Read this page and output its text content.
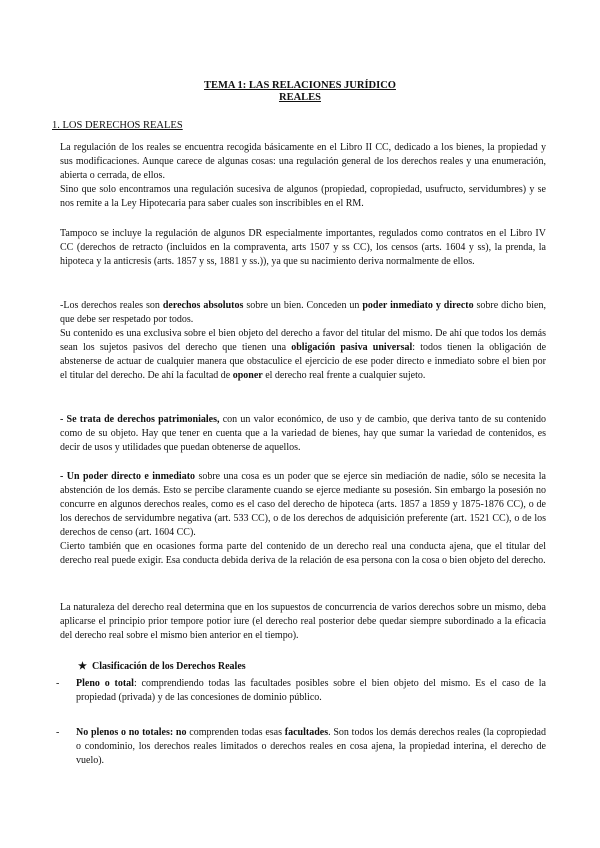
TEMA 1: LAS RELACIONES JURÍDICO
REALES
1. LOS DERECHOS REALES

La regulación de los reales se encuentra recogida básicamente en el Libro II CC, dedicado a los bienes, la propiedad y sus modificaciones. Aunque carece de algunas cosas: una regulación general de los derechos reales y una enumeración, abierta o cerrada, de ellos.

Sino que solo encontramos una regulación sucesiva de algunos (propiedad, copropiedad, usufructo, servidumbres) y se nos remite a la Ley Hipotecaria para saber cuales son inscribibles en el RM.

Tampoco se incluye la regulación de algunos DR especialmente importantes, regulados como contratos en el Libro IV CC (derechos de retracto (incluidos en la compraventa, arts 1507 y ss CC), los censos (arts. 1604 y ss), la prenda, la hipoteca y la anticresis (arts. 1857 y ss, 1881 y ss.)), ya que su nacimiento deriva normalmente de ellos.

-Los derechos reales son derechos absolutos sobre un bien. Conceden un poder inmediato y directo sobre dicho bien, que debe ser respetado por todos.

Su contenido es una exclusiva sobre el bien objeto del derecho a favor del titular del mismo. De ahí que todos los demás sean los sujetos pasivos del derecho que tienen una obligación pasiva universal: todos tienen la obligación de abstenerse de actuar de cualquier manera que obstaculice el ejercicio de ese poder directo e inmediato sobre el bien por el titular del derecho. De ahí la facultad de oponer el derecho real frente a cualquier sujeto.

- Se trata de derechos patrimoniales, con un valor económico, de uso y de cambio, que deriva tanto de su contenido como de su objeto. Hay que tener en cuenta que a la variedad de bienes, hay que sumar la variedad de contenidos, es decir de usos y utilidades que puedan obtenerse de aquellos.

- Un poder directo e inmediato sobre una cosa es un poder que se ejerce sin mediación de nadie, sólo se necesita la abstención de los demás. Esto se percibe claramente cuando se ejerce mediante su posesión. Sin embargo la posesión no concurre en algunos derechos reales, como es el caso del derecho de hipoteca (arts. 1857 a 1859 y 1875-1876 CC), o de los derechos de servidumbre negativa (art. 533 CC), o de los derechos de adquisición preferente (art. 1521 CC), o de los derechos de censo (art. 1604 CC).

Cierto también que en ocasiones forma parte del contenido de un derecho real una conducta ajena, que el titular del derecho real puede exigir. Esa conducta debida deriva de la relación de esa persona con la cosa o bien objeto del derecho.

La naturaleza del derecho real determina que en los supuestos de concurrencia de varios derechos sobre un mismo, deba aplicarse el principio prior tempore potior iure (el derecho real posterior debe quedar siempre subordinado a la eficacia del derecho real sobre el mismo bien anterior en el tiempo).

★ Clasificación de los Derechos Reales
- Pleno o total: comprendiendo todas las facultades posibles sobre el bien objeto del mismo. Es el caso de la propiedad (privada) y de las concesiones de dominio público.
- No plenos o no totales: no comprenden todas esas facultades. Son todos los demás derechos reales (la copropiedad o condominio, los derechos reales limitados o derechos reales en cosa ajena, la propiedad interina, el derecho de vuelo).
